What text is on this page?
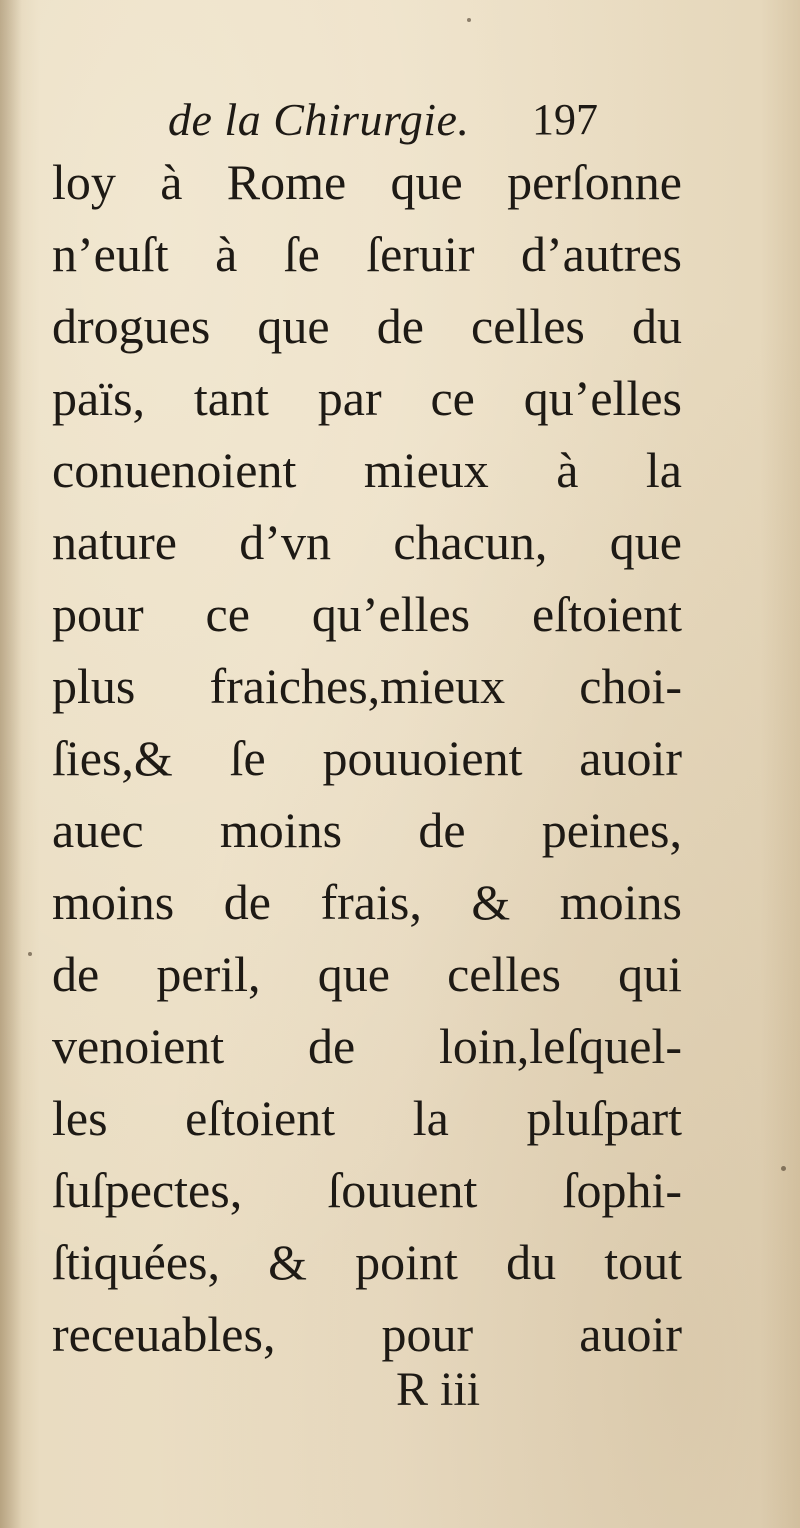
de la Chirurgie. 197
loy à Rome que perſonne
n’euſt à ſe ſeruir d’autres
drogues que de celles du
païs, tant par ce qu’elles
conuenoient mieux à la
nature d’vn chacun, que
pour ce qu’elles eſtoient
plus fraiches,mieux choi-
ſies,& ſe pouuoient auoir
auec moins de peines,
moins de frais, & moins
de peril, que celles qui
venoient de loin,leſquel-
les eſtoient la pluſpart
ſuſpectes, ſouuent ſophi-
ſtiquées, & point du tout
receuables, pour auoir
R iii
